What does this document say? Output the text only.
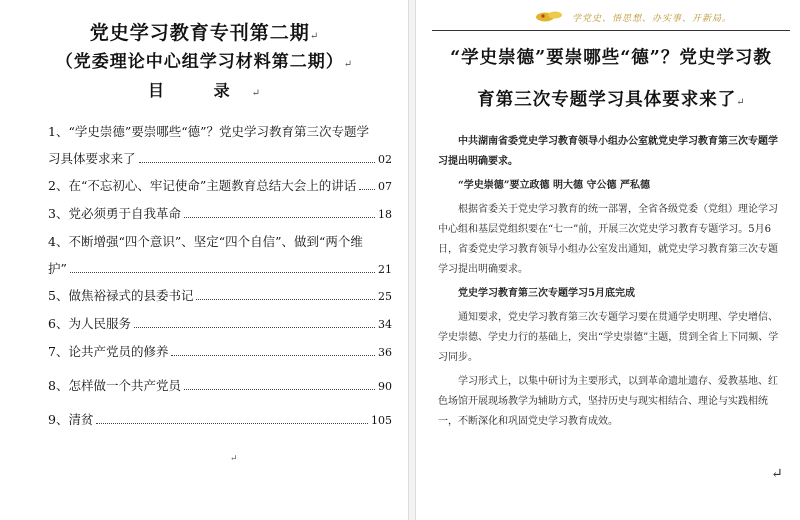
党史学习教育专刊第二期↵
（党委理论中心组学习材料第二期）↵
目 录↵
1、“学史崇德”要崇哪些“德”？党史学习教育第三次专题学
习具体要求来了	02
2、在“不忘初心、牢记使命”主题教育总结大会上的讲话 07
3、党必须勇于自我革命	18
4、不断增强“四个意识”、坚定“四个自信”、做到“两个维
护”	21
5、做焦裕禄式的县委书记	25
6、为人民服务	34
7、论共产党员的修养	36
8、怎样做一个共产党员	90
9、清贫	105
↵
学党史、悟思想、办实事、开新局。
“学史崇德”要崇哪些“德”？党史学习教
育第三次专题学习具体要求来了↵

中共湖南省委党史学习教育领导小组办公室就党史学习教育第三次专题学习提出明确要求。

“学史崇德”要立政德 明大德 守公德 严私德

根据省委关于党史学习教育的统一部署，全省各级党委（党组）理论学习中心组和基层党组织要在“七一”前，开展三次党史学习教育专题学习。5月6日，省委党史学习教育领导小组办公室发出通知，就党史学习教育第三次专题学习提出明确要求。

党史学习教育第三次专题学习5月底完成

通知要求，党史学习教育第三次专题学习要在贯通学史明理、学史增信、学史崇德、学史力行的基础上，突出“学史崇德”主题，贯到全省上下同频、学习同步。

学习形式上，以集中研讨为主要形式，以到革命遗址遗存、爱教基地、红色场馆开展现场教学为辅助方式，坚持历史与现实相结合、理论与实践相统一，不断深化和巩固党史学习教育成效。

↵
